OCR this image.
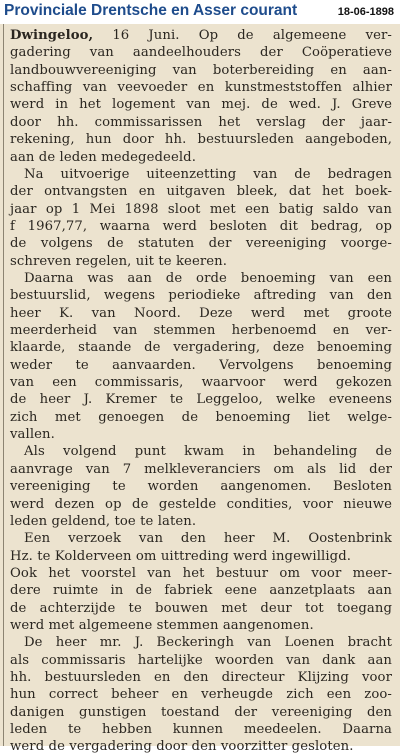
Provinciale Drentsche en Asser courant	18-06-1898
Dwingeloo, 16 Juni. Op de algemeene ver-
gadering van aandeelhouders der Coöperatieve
landbouwvereeniging van boterbereiding en aan-
schaffing van veevoeder en kunstmeststoffen alhier
werd in het logement van mej. de wed. J. Greve
door hh. commissarissen het verslag der jaar-
rekening, hun door hh. bestuursleden aangeboden,
aan de leden medegedeeld.
Na uitvoerige uiteenzetting van de bedragen
der ontvangsten en uitgaven bleek, dat het boek-
jaar op 1 Mei 1898 sloot met een batig saldo van
f 1967,77, waarna werd besloten dit bedrag, op
de volgens de statuten der vereeniging voorge-
schreven regelen, uit te keeren.
Daarna was aan de orde benoeming van een
bestuurslid, wegens periodieke aftreding van den
heer K. van Noord. Deze werd met groote
meerderheid van stemmen herbenoemd en ver-
klaarde, staande de vergadering, deze benoeming
weder te aanvaarden. Vervolgens benoeming
van een commissaris, waarvoor werd gekozen
de heer J. Kremer te Leggeloo, welke eveneens
zich met genoegen de benoeming liet welge-
vallen.
Als volgend punt kwam in behandeling de
aanvrage van 7 melkleveranciers om als lid der
vereeniging te worden aangenomen. Besloten
werd dezen op de gestelde condities, voor nieuwe
leden geldend, toe te laten.
Een verzoek van den heer M. Oostenbrink
Hz. te Kolderveen om uittreding werd ingewilligd.
Ook het voorstel van het bestuur om voor meer-
dere ruimte in de fabriek eene aanzetplaats aan
de achterzijde te bouwen met deur tot toegang
werd met algemeene stemmen aangenomen.
De heer mr. J. Beckeringh van Loenen bracht
als commissaris hartelijke woorden van dank aan
hh. bestuursleden en den directeur Klijzing voor
hun correct beheer en verheugde zich een zoo-
danigen gunstigen toestand der vereeniging den
leden te hebben kunnen meedeelen. Daarna
werd de vergadering door den voorzitter gesloten.
